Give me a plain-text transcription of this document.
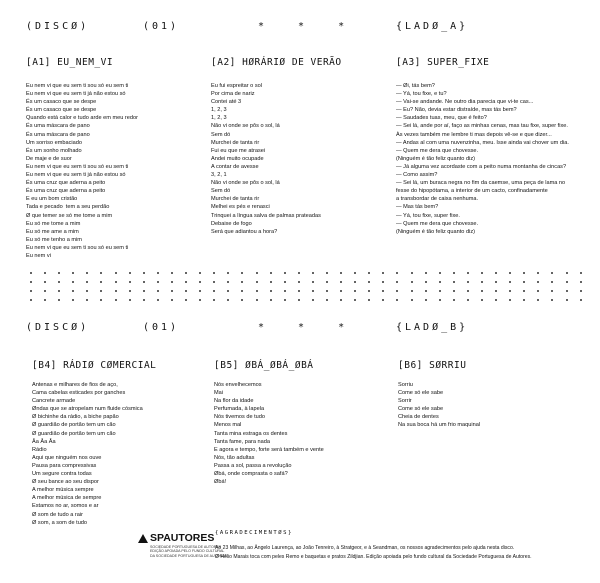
(DISCØ)	(01)	* * *	{LADØ_A}
[A1] EU_NEM_VI
Eu nem vi que eu sem ti sou só eu sem ti
Eu nem vi que eu sem ti já não estou só
És um casaco que se despe
És um casaco que se despe
Quando está calor e tudo arde em meu redor
És uma máscara de pano
És uma máscara de pano
Um sorriso embaciado
És um sonho molhado
De maje e de suor
Eu nem vi que eu sem ti sou só eu sem ti
Eu nem vi que eu sem ti já não estou só
És uma cruz que aderna a peito
És uma cruz que aderna a peito
E eu um bom cristão
Tada e pecado  tem a seu perdão
Ø que temer se só me tome a mim
Eu só me tome a mim
Eu só me ame a mim
Eu só me tenho a mim
Eu nem vi que eu sem ti sou só eu sem ti
Eu nem vi
[A2] HØRÁRIØ DE VERÃO
Eu fui espreitar o sol
Por cima de nariz
Contei até 3
1, 2, 3
1, 2, 3
Não vi onde se pôs o sol, lá
Sem dó
Murchei de tanta rir
Fui eu que me atrasei
Andei muito ocupade
A contar de avesse
3, 2, 1
Não vi onde se pôs o sol, lá
Sem dó
Murchei de tanta rir
Melhei es pés e renasci
Trinquei a língua salva de palmas prateadas
Debaixe de fogo
Será que adiantou a hora?
[A3] SUPER_FIXE
— Øi, tás bem?
— Yá, tou fixe, e tu?
— Vai-se andande. Ne outro dia parecia que vi-te cas...
— Eu? Não, devia estar distraíde, mas tás bem?
— Saudades tuas, meu, que é feito?
— Sei lá, ande por aí, faço as minhas cenas, mas tau fixe, super fixe.
Às vezes também me lembre ti mas depois vê-se e que dizer...
— Andas al com uma nuvenzinha, meu. Isse ainda vai chover um dia.
— Quem me dera que chovesse.
(Ninguém é tão feliz quanto diz)
— Já alguma vez acordaste com a peito numa montanha de cincas?
— Como assim?
— Sei lá, um buraca negra no fim da caemse, uma peça de lama no
fesse do hipopótama, a interior de um cacto, confinadamente
a transbordar de caixa nenhuma.
— Mas tás bem?
— Yá, tou fixe, super fixe.
— Quem me dera que chovesse.
(Ninguém é tão feliz quanto diz)
(DISCØ)	(01)	* * *	{LADØ_B}
[B4] RÁDIØ CØMERCIAL
Antenas e milhares de fios de aço,
Cama cabelas esticades por ganches
Cancrete armade
Øndas que se atropelam num fluide cósmica
Ø bichinhe da rádio, a biche papão
Ø guardião de portão tem um cão
Ø guardião de portão tem um cão
Âa Âa Âa
Rádio
Aqui que ninguém nos ouve
Pausa para compressivas
Um segure contra todas
Ø seu bance ao seu dispor
A melhor música sempre
A melhor música de sempre
Estamos no ar, somos e ar
Ø som de tudo a rair
Ø som, a som de tudo
[B5] ØBÁ_ØBÁ_ØBÁ
Nós envelhecemos
Mai
Na flor da idade
Perfumada, à lapela
Nós tivemos de tudo
Menos mal
Tanta mina estraga os dentes
Tanta fame, para nada
E agora e tempo, forte será também e vente
Nós, tão adultas
Passa a sol, passa a revolução
Øbá, onde comprasta o safá?
Øbá!
[B6] SØRRIU
Sorriu
Come só ele sabe
Sorrir
Come só ele sabe
Cheia de dentes
Na sua boca há um frio maquinal
SPAUTORES
SOCIEDADE PORTUGUESA DE AUTORES
EDIÇÃO APOIADA PELO FUNDO CULTURAL
DA SOCIEDADE PORTUGUESA DE AUTORES
{AGRADECIMENTØS}
Ao 23 Milhas, ao Ângelo Laurença, ao João Tenreiro, à Stratgeor, e à Seandman, os nossos agradecimentos pelo ajuda nesta disco.
Ø Hélio Marais toca com peles Remo e baquetas e pratos Zildjian. Edição apoiada pelo fundo cultural da Sociedade Portuguesa de Autores.
